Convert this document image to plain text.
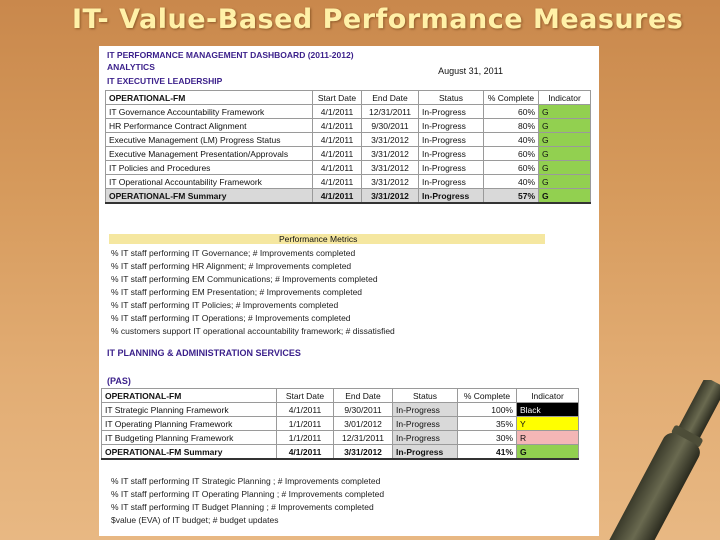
IT- Value-Based Performance Measures
IT PERFORMANCE MANAGEMENT DASHBOARD (2011-2012)
ANALYTICS	August 31, 2011
IT EXECUTIVE LEADERSHIP
OPERATIONAL-FM	Start Date	End Date	Status	% Complete	Indicator
IT Governance Accountability Framework	4/1/2011	12/31/2011	In-Progress	60%	G
HR Performance Contract Alignment	4/1/2011	9/30/2011	In-Progress	80%	G
Executive Management (LM) Progress Status	4/1/2011	3/31/2012	In-Progress	40%	G
Executive Management Presentation/Approvals	4/1/2011	3/31/2012	In-Progress	60%	G
IT Policies and Procedures	4/1/2011	3/31/2012	In-Progress	60%	G
IT Operational Accountability Framework	4/1/2011	3/31/2012	In-Progress	40%	G
OPERATIONAL-FM Summary	4/1/2011	3/31/2012	In-Progress	57%	G
Performance Metrics
% IT staff performing IT Governance; # Improvements completed
% IT staff performing HR Alignment; # Improvements completed
% IT staff performing EM Communications; # Improvements completed
% IT staff performing EM Presentation; # Improvements completed
% IT staff performing IT Policies; # Improvements completed
% IT staff performing IT Operations; # Improvements completed
% customers support IT operational accountability framework; # dissatisfied
IT PLANNING & ADMINISTRATION SERVICES
(PAS)
OPERATIONAL-FM	Start Date	End Date	Status	% Complete	Indicator
IT Strategic Planning Framework	4/1/2011	9/30/2011	In-Progress	100%	Black
IT Operating Planning Framework	1/1/2011	3/01/2012	In-Progress	35%	Y
IT Budgeting Planning Framework	1/1/2011	12/31/2011	In-Progress	30%	R
OPERATIONAL-FM Summary	4/1/2011	3/31/2012	In-Progress	41%	G
% IT staff performing IT Strategic Planning ; # Improvements completed
% IT staff performing IT Operating Planning ; # Improvements completed
% IT staff performing IT Budget Planning ; # Improvements completed
$value (EVA) of IT budget; # budget updates
